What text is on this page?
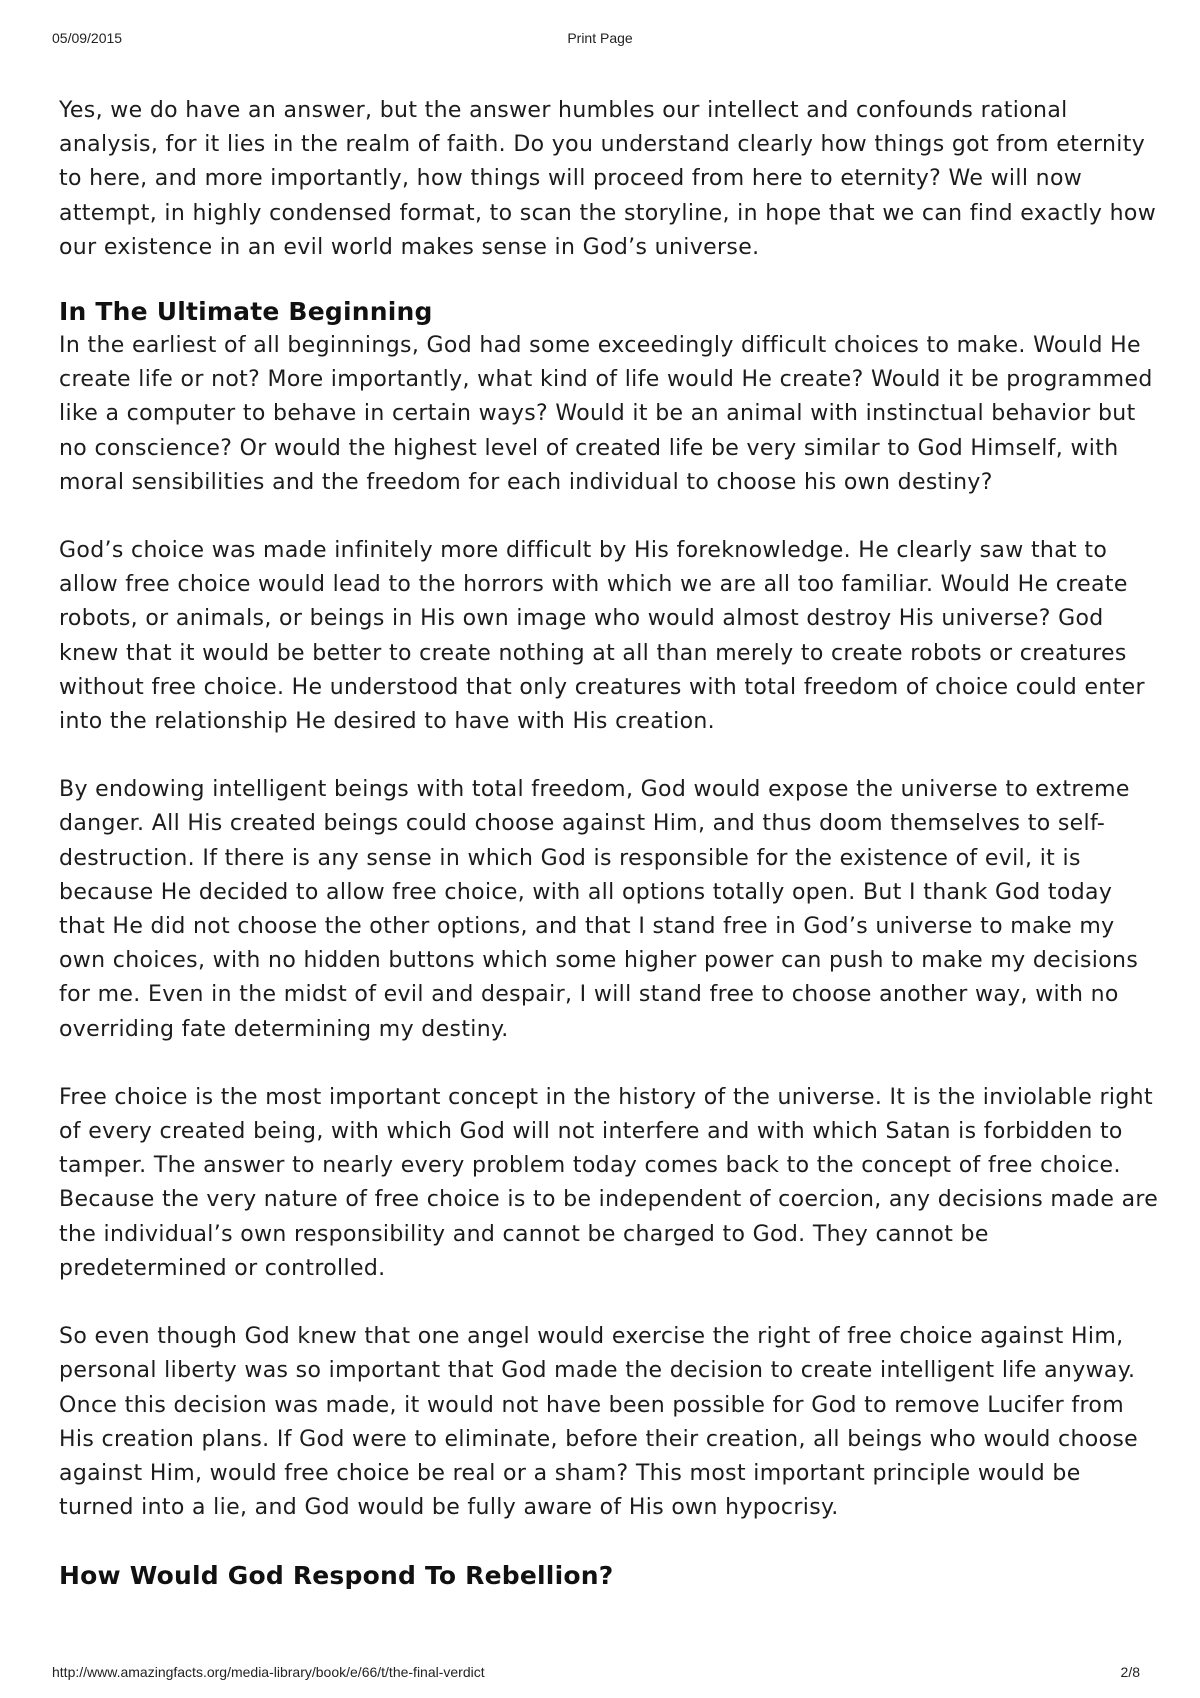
05/09/2015	Print Page

Yes, we do have an answer, but the answer humbles our intellect and confounds rational analysis, for it lies in the realm of faith. Do you understand clearly how things got from eternity to here, and more importantly, how things will proceed from here to eternity? We will now attempt, in highly condensed format, to scan the storyline, in hope that we can find exactly how our existence in an evil world makes sense in God’s universe.

In The Ultimate Beginning

In the earliest of all beginnings, God had some exceedingly difficult choices to make. Would He create life or not? More importantly, what kind of life would He create? Would it be programmed like a computer to behave in certain ways? Would it be an animal with instinctual behavior but no conscience? Or would the highest level of created life be very similar to God Himself, with moral sensibilities and the freedom for each individual to choose his own destiny?

God’s choice was made infinitely more difficult by His foreknowledge. He clearly saw that to allow free choice would lead to the horrors with which we are all too familiar. Would He create robots, or animals, or beings in His own image who would almost destroy His universe? God knew that it would be better to create nothing at all than merely to create robots or creatures without free choice. He understood that only creatures with total freedom of choice could enter into the relationship He desired to have with His creation.

By endowing intelligent beings with total freedom, God would expose the universe to extreme danger. All His created beings could choose against Him, and thus doom themselves to self-destruction. If there is any sense in which God is responsible for the existence of evil, it is because He decided to allow free choice, with all options totally open. But I thank God today that He did not choose the other options, and that I stand free in God’s universe to make my own choices, with no hidden buttons which some higher power can push to make my decisions for me. Even in the midst of evil and despair, I will stand free to choose another way, with no overriding fate determining my destiny.

Free choice is the most important concept in the history of the universe. It is the inviolable right of every created being, with which God will not interfere and with which Satan is forbidden to tamper. The answer to nearly every problem today comes back to the concept of free choice. Because the very nature of free choice is to be independent of coercion, any decisions made are the individual’s own responsibility and cannot be charged to God. They cannot be predetermined or controlled.

So even though God knew that one angel would exercise the right of free choice against Him, personal liberty was so important that God made the decision to create intelligent life anyway. Once this decision was made, it would not have been possible for God to remove Lucifer from His creation plans. If God were to eliminate, before their creation, all beings who would choose against Him, would free choice be real or a sham? This most important principle would be turned into a lie, and God would be fully aware of His own hypocrisy.

How Would God Respond To Rebellion?
http://www.amazingfacts.org/media-library/book/e/66/t/the-final-verdict	2/8
